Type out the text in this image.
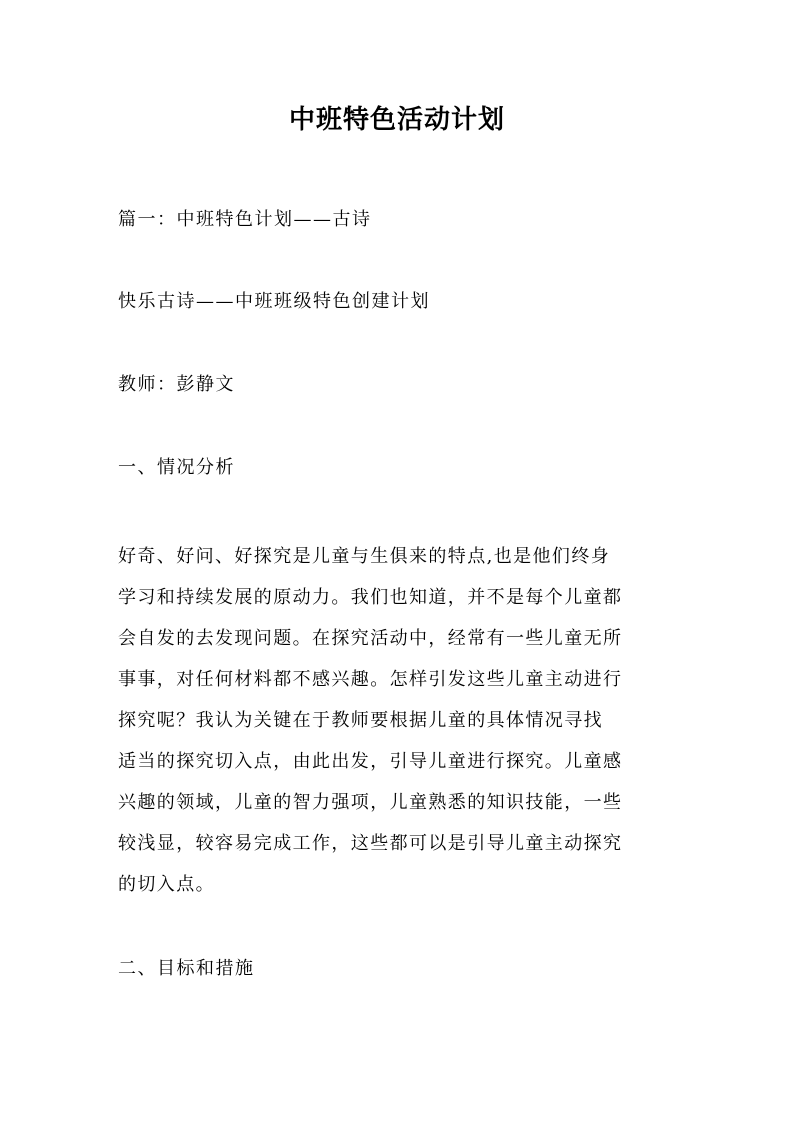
中班特色活动计划

篇一：中班特色计划——古诗

快乐古诗——中班班级特色创建计划

教师：彭静文

一、情况分析

好奇、好问、好探究是儿童与生俱来的特点,也是他们终身
学习和持续发展的原动力。我们也知道，并不是每个儿童都
会自发的去发现问题。在探究活动中，经常有一些儿童无所
事事，对任何材料都不感兴趣。怎样引发这些儿童主动进行
探究呢？我认为关键在于教师要根据儿童的具体情况寻找
适当的探究切入点，由此出发，引导儿童进行探究。儿童感
兴趣的领域，儿童的智力强项，儿童熟悉的知识技能，一些
较浅显，较容易完成工作，这些都可以是引导儿童主动探究
的切入点。

二、目标和措施
